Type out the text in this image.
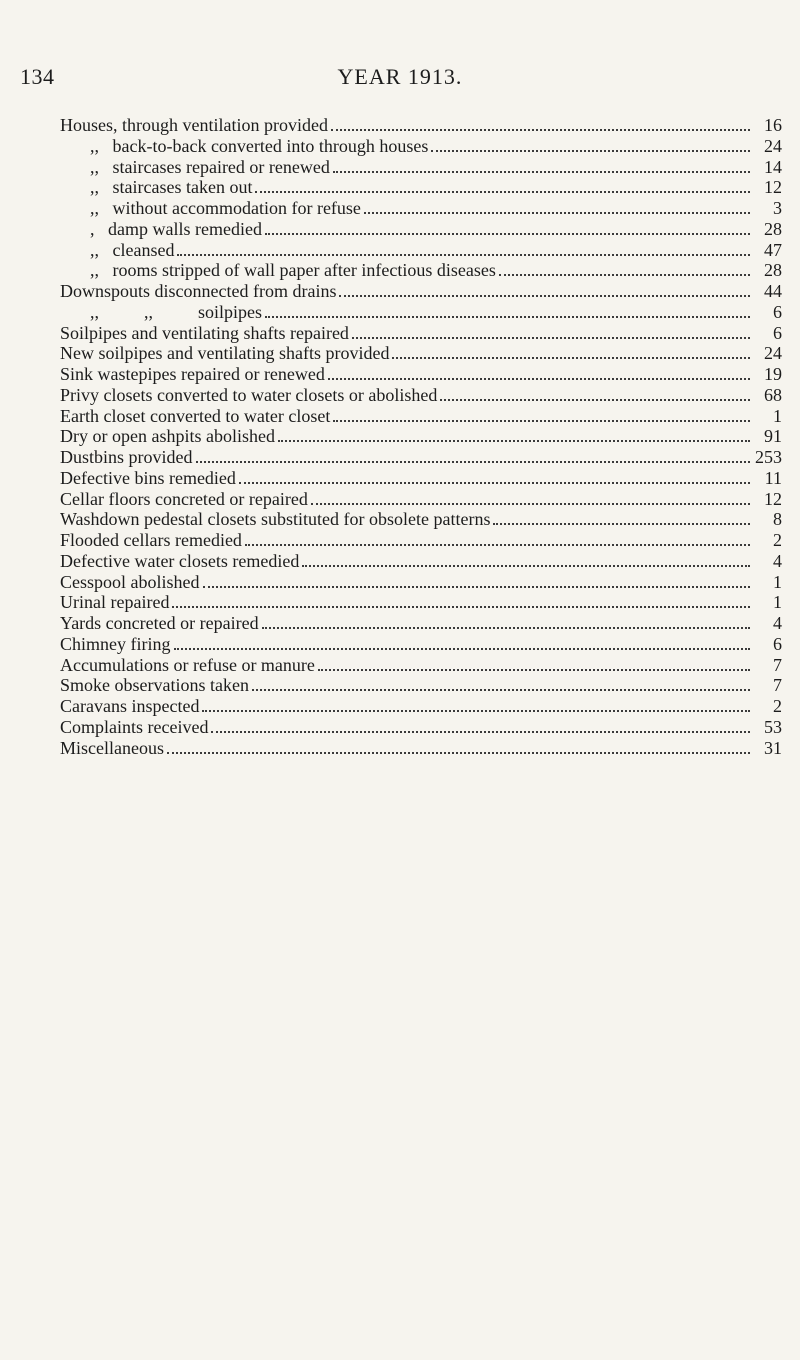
134	YEAR 1913.
Houses, through ventilation provided	16
,,   back-to-back converted into through houses	24
,,   staircases repaired or renewed	14
,,   staircases taken out	12
,,   without accommodation for refuse	3
,   damp walls remedied	28
,,   cleansed	47
,,   rooms stripped of wall paper after infectious diseases	28
Downspouts disconnected from drains	44
,,          ,,          soilpipes	6
Soilpipes and ventilating shafts repaired	6
New soilpipes and ventilating shafts provided	24
Sink wastepipes repaired or renewed	19
Privy closets converted to water closets or abolished	68
Earth closet converted to water closet	1
Dry or open ashpits abolished	91
Dustbins provided	253
Defective bins remedied	11
Cellar floors concreted or repaired	12
Washdown pedestal closets substituted for obsolete patterns	8
Flooded cellars remedied	2
Defective water closets remedied	4
Cesspool abolished	1
Urinal repaired	1
Yards concreted or repaired	4
Chimney firing	6
Accumulations or refuse or manure	7
Smoke observations taken	7
Caravans inspected	2
Complaints received	53
Miscellaneous	31
